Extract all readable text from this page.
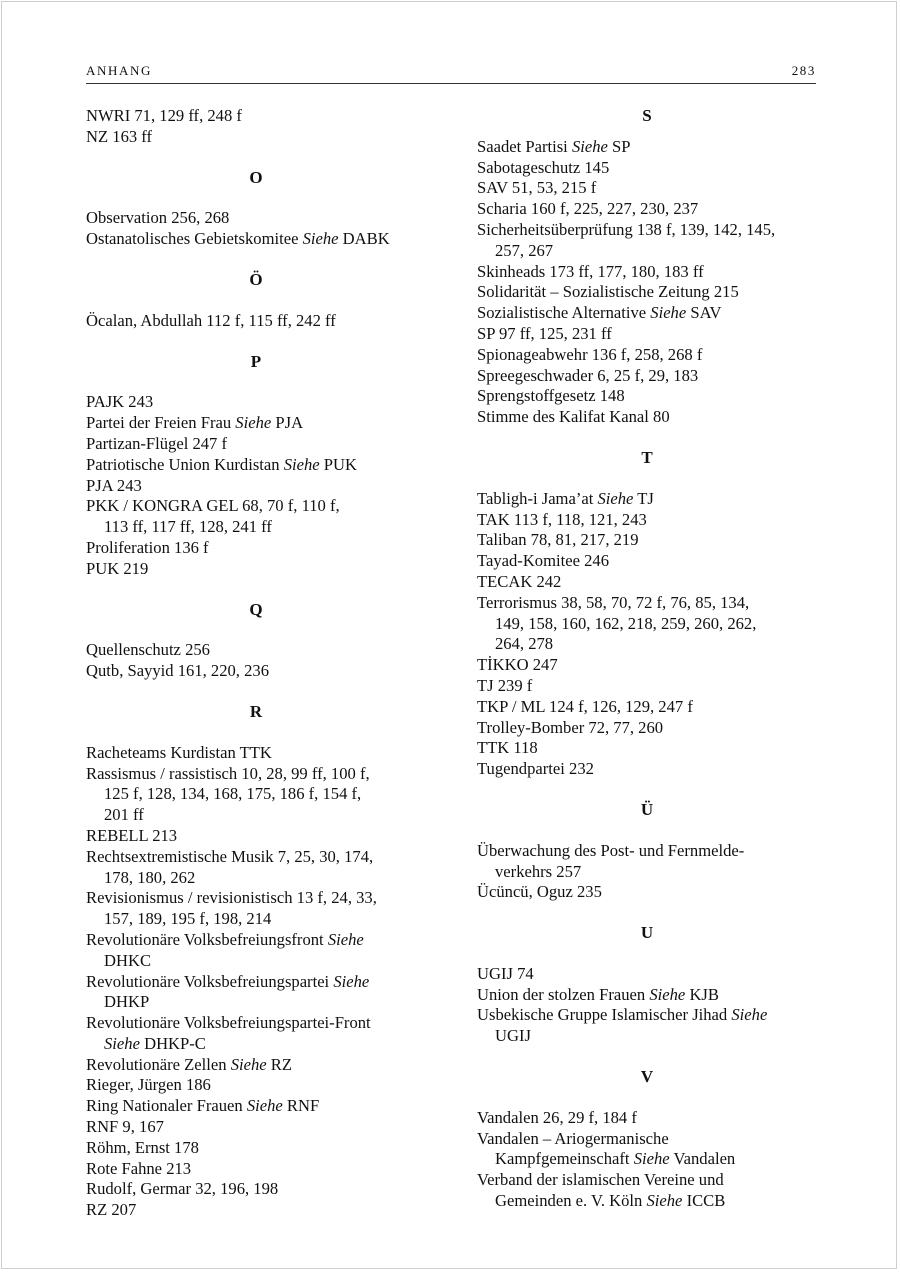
ANHANG	283
NWRI 71, 129 ff, 248 f
NZ 163 ff
O
Observation 256, 268
Ostanatolisches Gebietskomitee Siehe DABK
Ö
Öcalan, Abdullah 112 f, 115 ff, 242 ff
P
PAJK 243
Partei der Freien Frau Siehe PJA
Partizan-Flügel 247 f
Patriotische Union Kurdistan Siehe PUK
PJA 243
PKK / KONGRA GEL 68, 70 f, 110 f,
113 ff, 117 ff, 128, 241 ff
Proliferation 136 f
PUK 219
Q
Quellenschutz 256
Qutb, Sayyid 161, 220, 236
R
Racheteams Kurdistan TTK
Rassismus / rassistisch 10, 28, 99 ff, 100 f,
125 f, 128, 134, 168, 175, 186 f, 154 f,
201 ff
REBELL 213
Rechtsextremistische Musik 7, 25, 30, 174,
178, 180, 262
Revisionismus / revisionistisch 13 f, 24, 33,
157, 189, 195 f, 198, 214
Revolutionäre Volksbefreiungsfront Siehe
DHKC
Revolutionäre Volksbefreiungspartei Siehe
DHKP
Revolutionäre Volksbefreiungspartei-Front
Siehe DHKP-C
Revolutionäre Zellen Siehe RZ
Rieger, Jürgen 186
Ring Nationaler Frauen Siehe RNF
RNF 9, 167
Röhm, Ernst 178
Rote Fahne 213
Rudolf, Germar 32, 196, 198
RZ 207
S
Saadet Partisi Siehe SP
Sabotageschutz 145
SAV 51, 53, 215 f
Scharia 160 f, 225, 227, 230, 237
Sicherheitsüberprüfung 138 f, 139, 142, 145,
257, 267
Skinheads 173 ff, 177, 180, 183 ff
Solidarität – Sozialistische Zeitung 215
Sozialistische Alternative Siehe SAV
SP 97 ff, 125, 231 ff
Spionageabwehr 136 f, 258, 268 f
Spreegeschwader 6, 25 f, 29, 183
Sprengstoffgesetz 148
Stimme des Kalifat Kanal 80
T
Tabligh-i Jama’at Siehe TJ
TAK 113 f, 118, 121, 243
Taliban 78, 81, 217, 219
Tayad-Komitee 246
TECAK 242
Terrorismus 38, 58, 70, 72 f, 76, 85, 134,
149, 158, 160, 162, 218, 259, 260, 262,
264, 278
TİKKO 247
TJ 239 f
TKP / ML 124 f, 126, 129, 247 f
Trolley-Bomber 72, 77, 260
TTK 118
Tugendpartei 232
Ü
Überwachung des Post- und Fernmelde-
verkehrs 257
Ücüncü, Oguz 235
U
UGIJ 74
Union der stolzen Frauen Siehe KJB
Usbekische Gruppe Islamischer Jihad Siehe
UGIJ
V
Vandalen 26, 29 f, 184 f
Vandalen – Ariogermanische
Kampfgemeinschaft Siehe Vandalen
Verband der islamischen Vereine und
Gemeinden e. V. Köln Siehe ICCB
